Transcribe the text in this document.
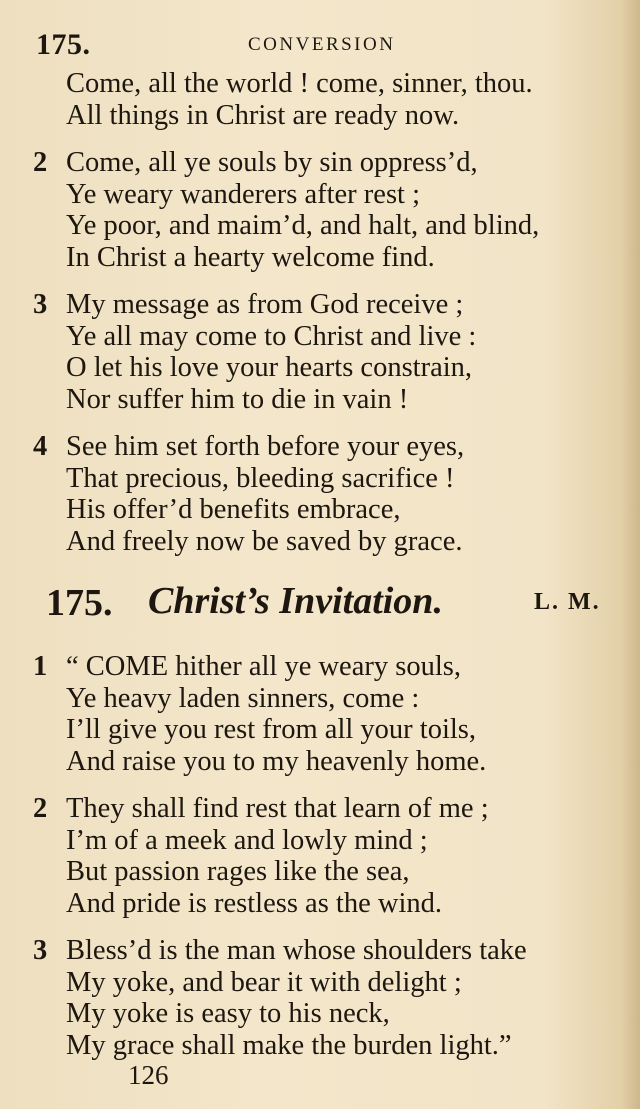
175.	CONVERSION
Come, all the world ! come, sinner, thou.
All things in Christ are ready now.
2 Come, all ye souls by sin oppress’d,
Ye weary wanderers after rest ;
Ye poor, and maim’d, and halt, and blind,
In Christ a hearty welcome find.
3 My message as from God receive ;
Ye all may come to Christ and live :
O let his love your hearts constrain,
Nor suffer him to die in vain !
4 See him set forth before your eyes,
That precious, bleeding sacrifice !
His offer’d benefits embrace,
And freely now be saved by grace.
175. Christ’s Invitation.	L. M.
1 “ COME hither all ye weary souls,
Ye heavy laden sinners, come :
I’ll give you rest from all your toils,
And raise you to my heavenly home.
2 They shall find rest that learn of me ;
I’m of a meek and lowly mind ;
But passion rages like the sea,
And pride is restless as the wind.
3 Bless’d is the man whose shoulders take
My yoke, and bear it with delight ;
My yoke is easy to his neck,
My grace shall make the burden light.”
126
